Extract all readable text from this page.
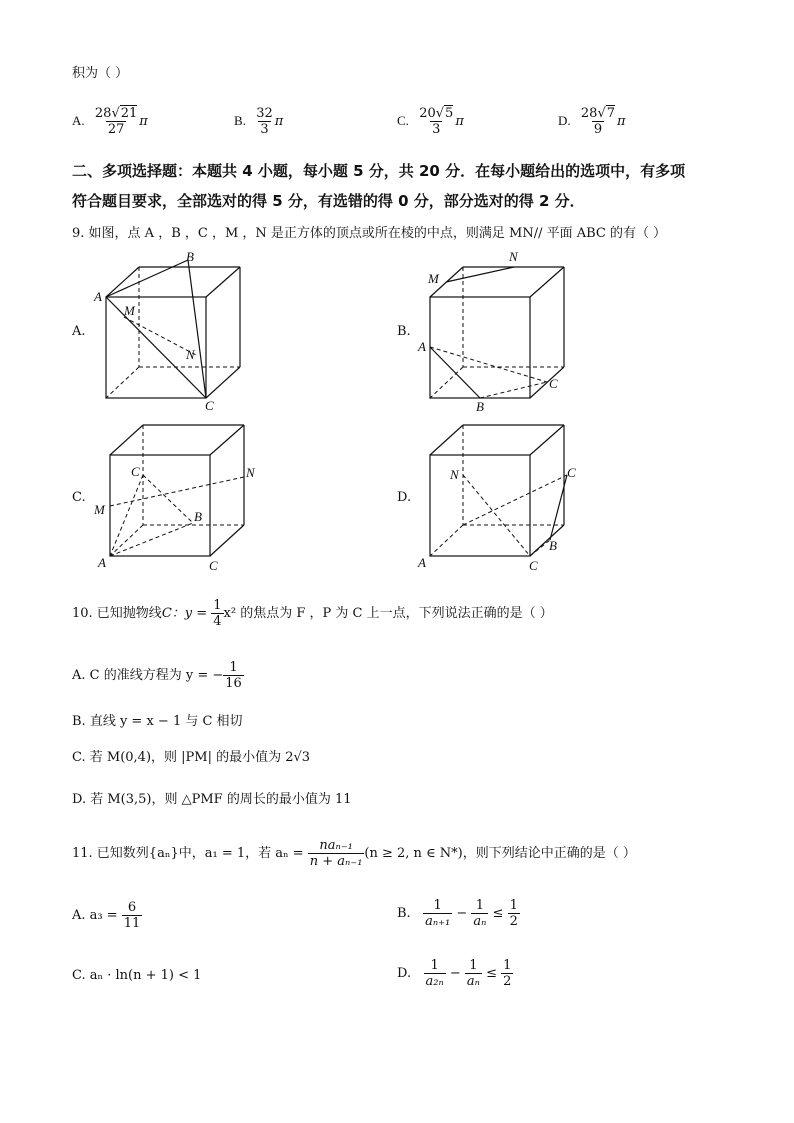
积为（ ）
A. $\frac{28√21}{27}$ π	B. $\frac{32}{3}$ π	C. $\frac{20√5}{3}$ π	D. $\frac{28√7}{9}$ π
二、多项选择题：本题共 4 小题，每小题 5 分，共 20 分．在每小题给出的选项中，有多项
符合题目要求，全部选对的得 5 分，有选错的得 0 分，部分选对的得 2 分．
9. 如图，点 A ，B ，C ，M ，N 是正方体的顶点或所在棱的中点，则满足 MN// 平面 ABC 的有（ ）
A.	B.
C.	D.
B
A
M
N
C
M
N
A
C
B
C	N
M	B
A	C
N	C
B
A	C
10. 已知抛物线C：$y = \frac{1}{4} x^2$ 的焦点为 F ，P 为 C 上一点，下列说法正确的是（ ）
A. C 的准线方程为 y = − $\frac{1}{16}$
B. 直线 y = x − 1 与 C 相切
C. 若 M(0,4)，则 |PM| 的最小值为 2√3
D. 若 M(3,5)，则 △PMF 的周长的最小值为 11
11. 已知数列{aₙ}中，a₁ = 1，若 $a_n = \frac{\text{naₙ₋₁}}{\text{n + aₙ₋₁}} (n \ge 2$, n ∈ N*)，则下列结论中正确的是（ ）
A. $a_3 = \frac{6}{11}$	B. $\frac{1}{\text{aₙ₊₁}} - \frac{1}{\text{aₙ}} \le \frac{1}{2}$
C. aₙ · ln(n + 1) < 1	D. $\frac{1}{\text{a₂ₙ}} - \frac{1}{\text{aₙ}} \le \frac{1}{2}$
